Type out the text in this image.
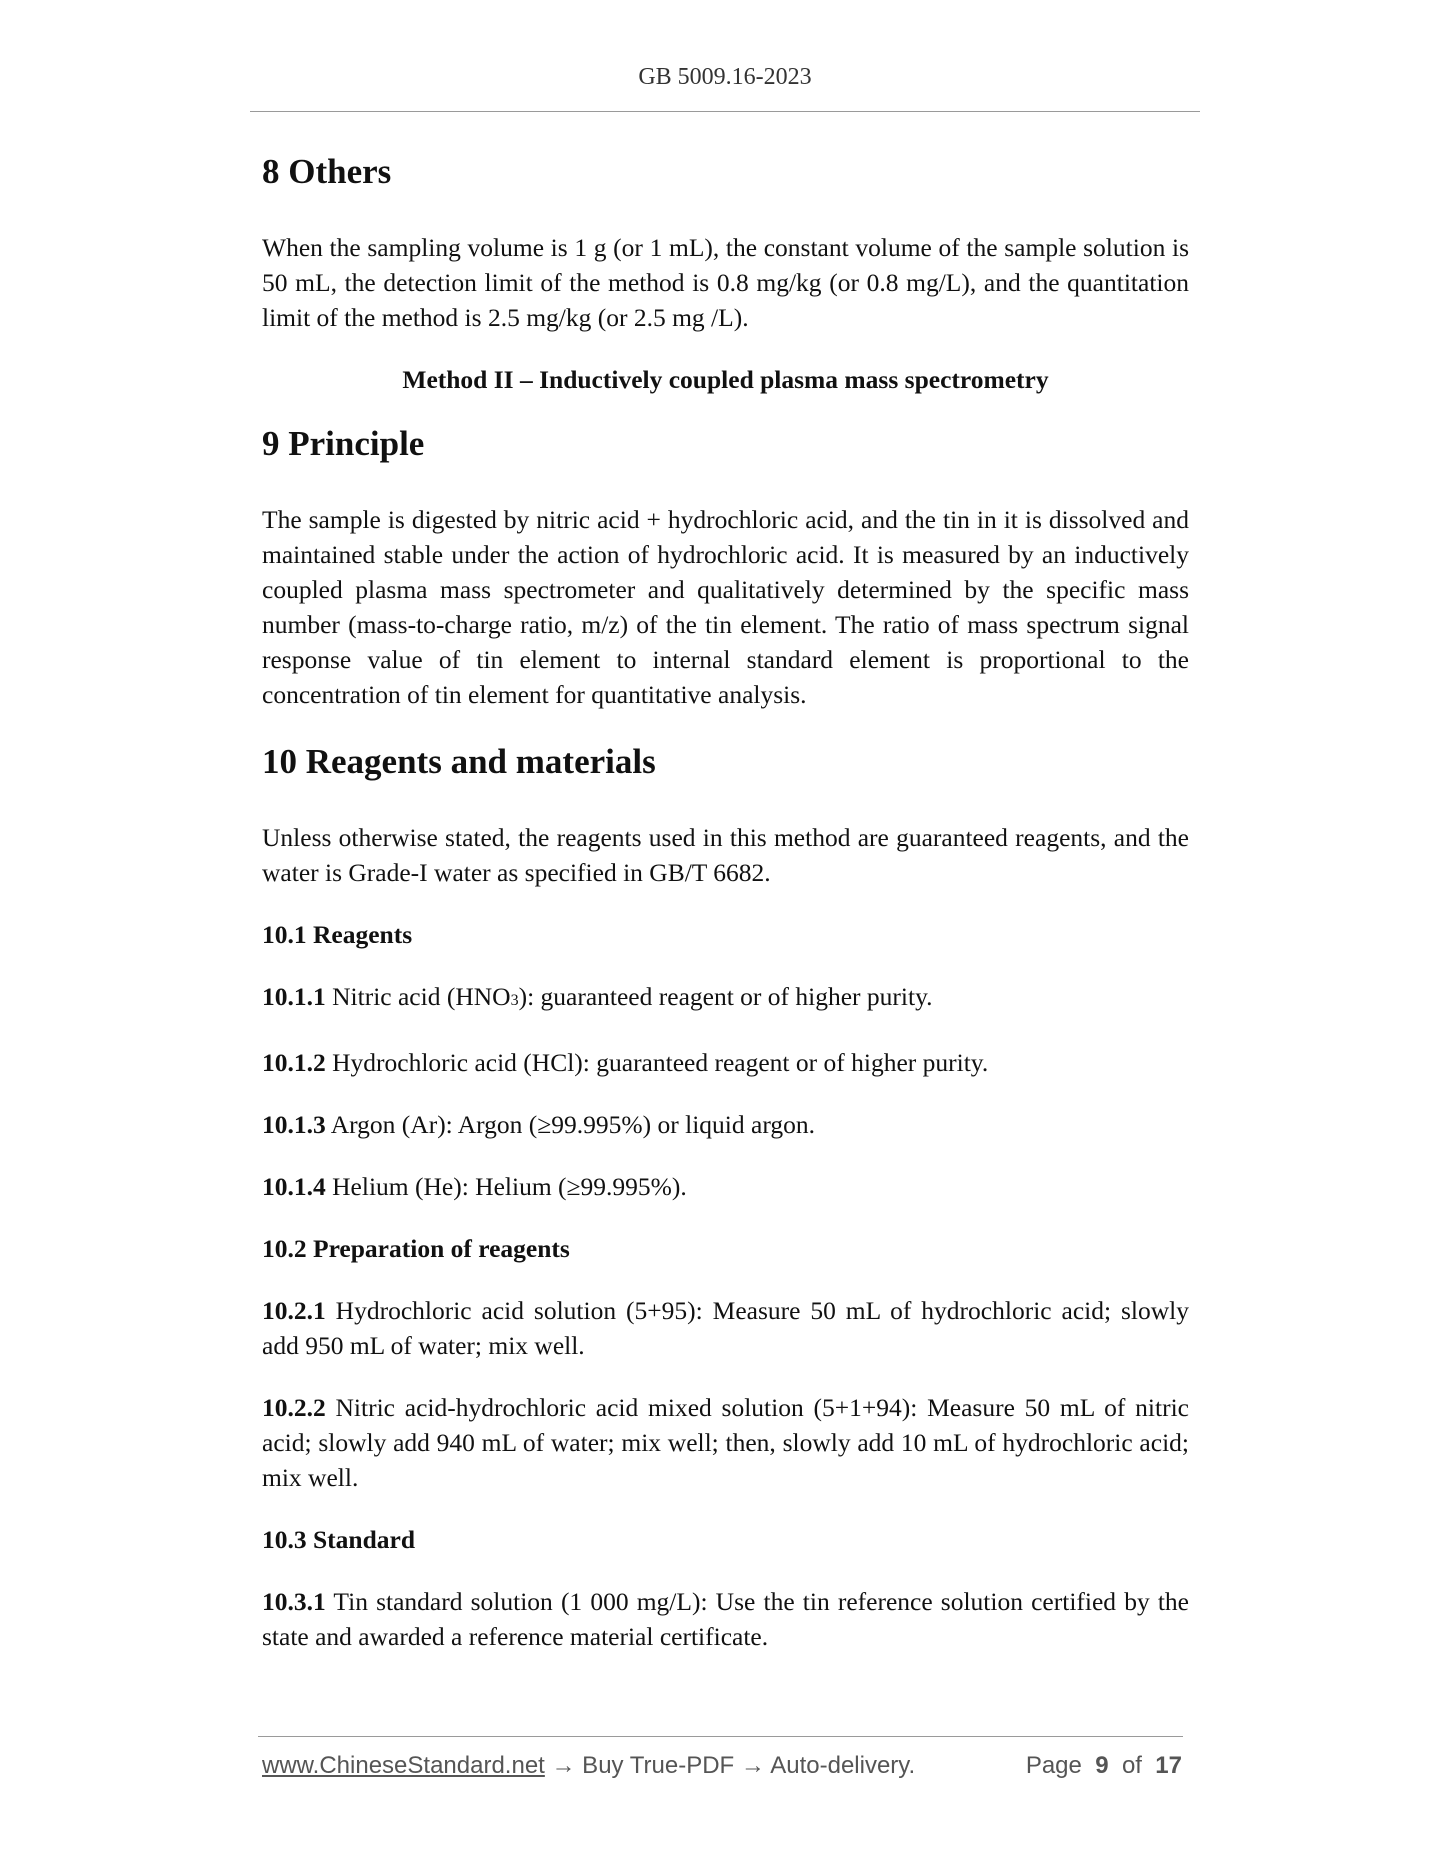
GB 5009.16-2023
8 Others

When the sampling volume is 1 g (or 1 mL), the constant volume of the sample solution is 50 mL, the detection limit of the method is 0.8 mg/kg (or 0.8 mg/L), and the quantitation limit of the method is 2.5 mg/kg (or 2.5 mg /L).

Method II – Inductively coupled plasma mass spectrometry

9 Principle

The sample is digested by nitric acid + hydrochloric acid, and the tin in it is dissolved and maintained stable under the action of hydrochloric acid. It is measured by an inductively coupled plasma mass spectrometer and qualitatively determined by the specific mass number (mass-to-charge ratio, m/z) of the tin element. The ratio of mass spectrum signal response value of tin element to internal standard element is proportional to the concentration of tin element for quantitative analysis.

10 Reagents and materials

Unless otherwise stated, the reagents used in this method are guaranteed reagents, and the water is Grade-I water as specified in GB/T 6682.

10.1 Reagents

10.1.1 Nitric acid (HNO3): guaranteed reagent or of higher purity.

10.1.2 Hydrochloric acid (HCl): guaranteed reagent or of higher purity.

10.1.3 Argon (Ar): Argon (≥99.995%) or liquid argon.

10.1.4 Helium (He): Helium (≥99.995%).

10.2 Preparation of reagents

10.2.1 Hydrochloric acid solution (5+95): Measure 50 mL of hydrochloric acid; slowly add 950 mL of water; mix well.

10.2.2 Nitric acid-hydrochloric acid mixed solution (5+1+94): Measure 50 mL of nitric acid; slowly add 940 mL of water; mix well; then, slowly add 10 mL of hydrochloric acid; mix well.

10.3 Standard

10.3.1 Tin standard solution (1 000 mg/L): Use the tin reference solution certified by the state and awarded a reference material certificate.

www.ChineseStandard.net → Buy True-PDF → Auto-delivery.	Page 9 of 17
